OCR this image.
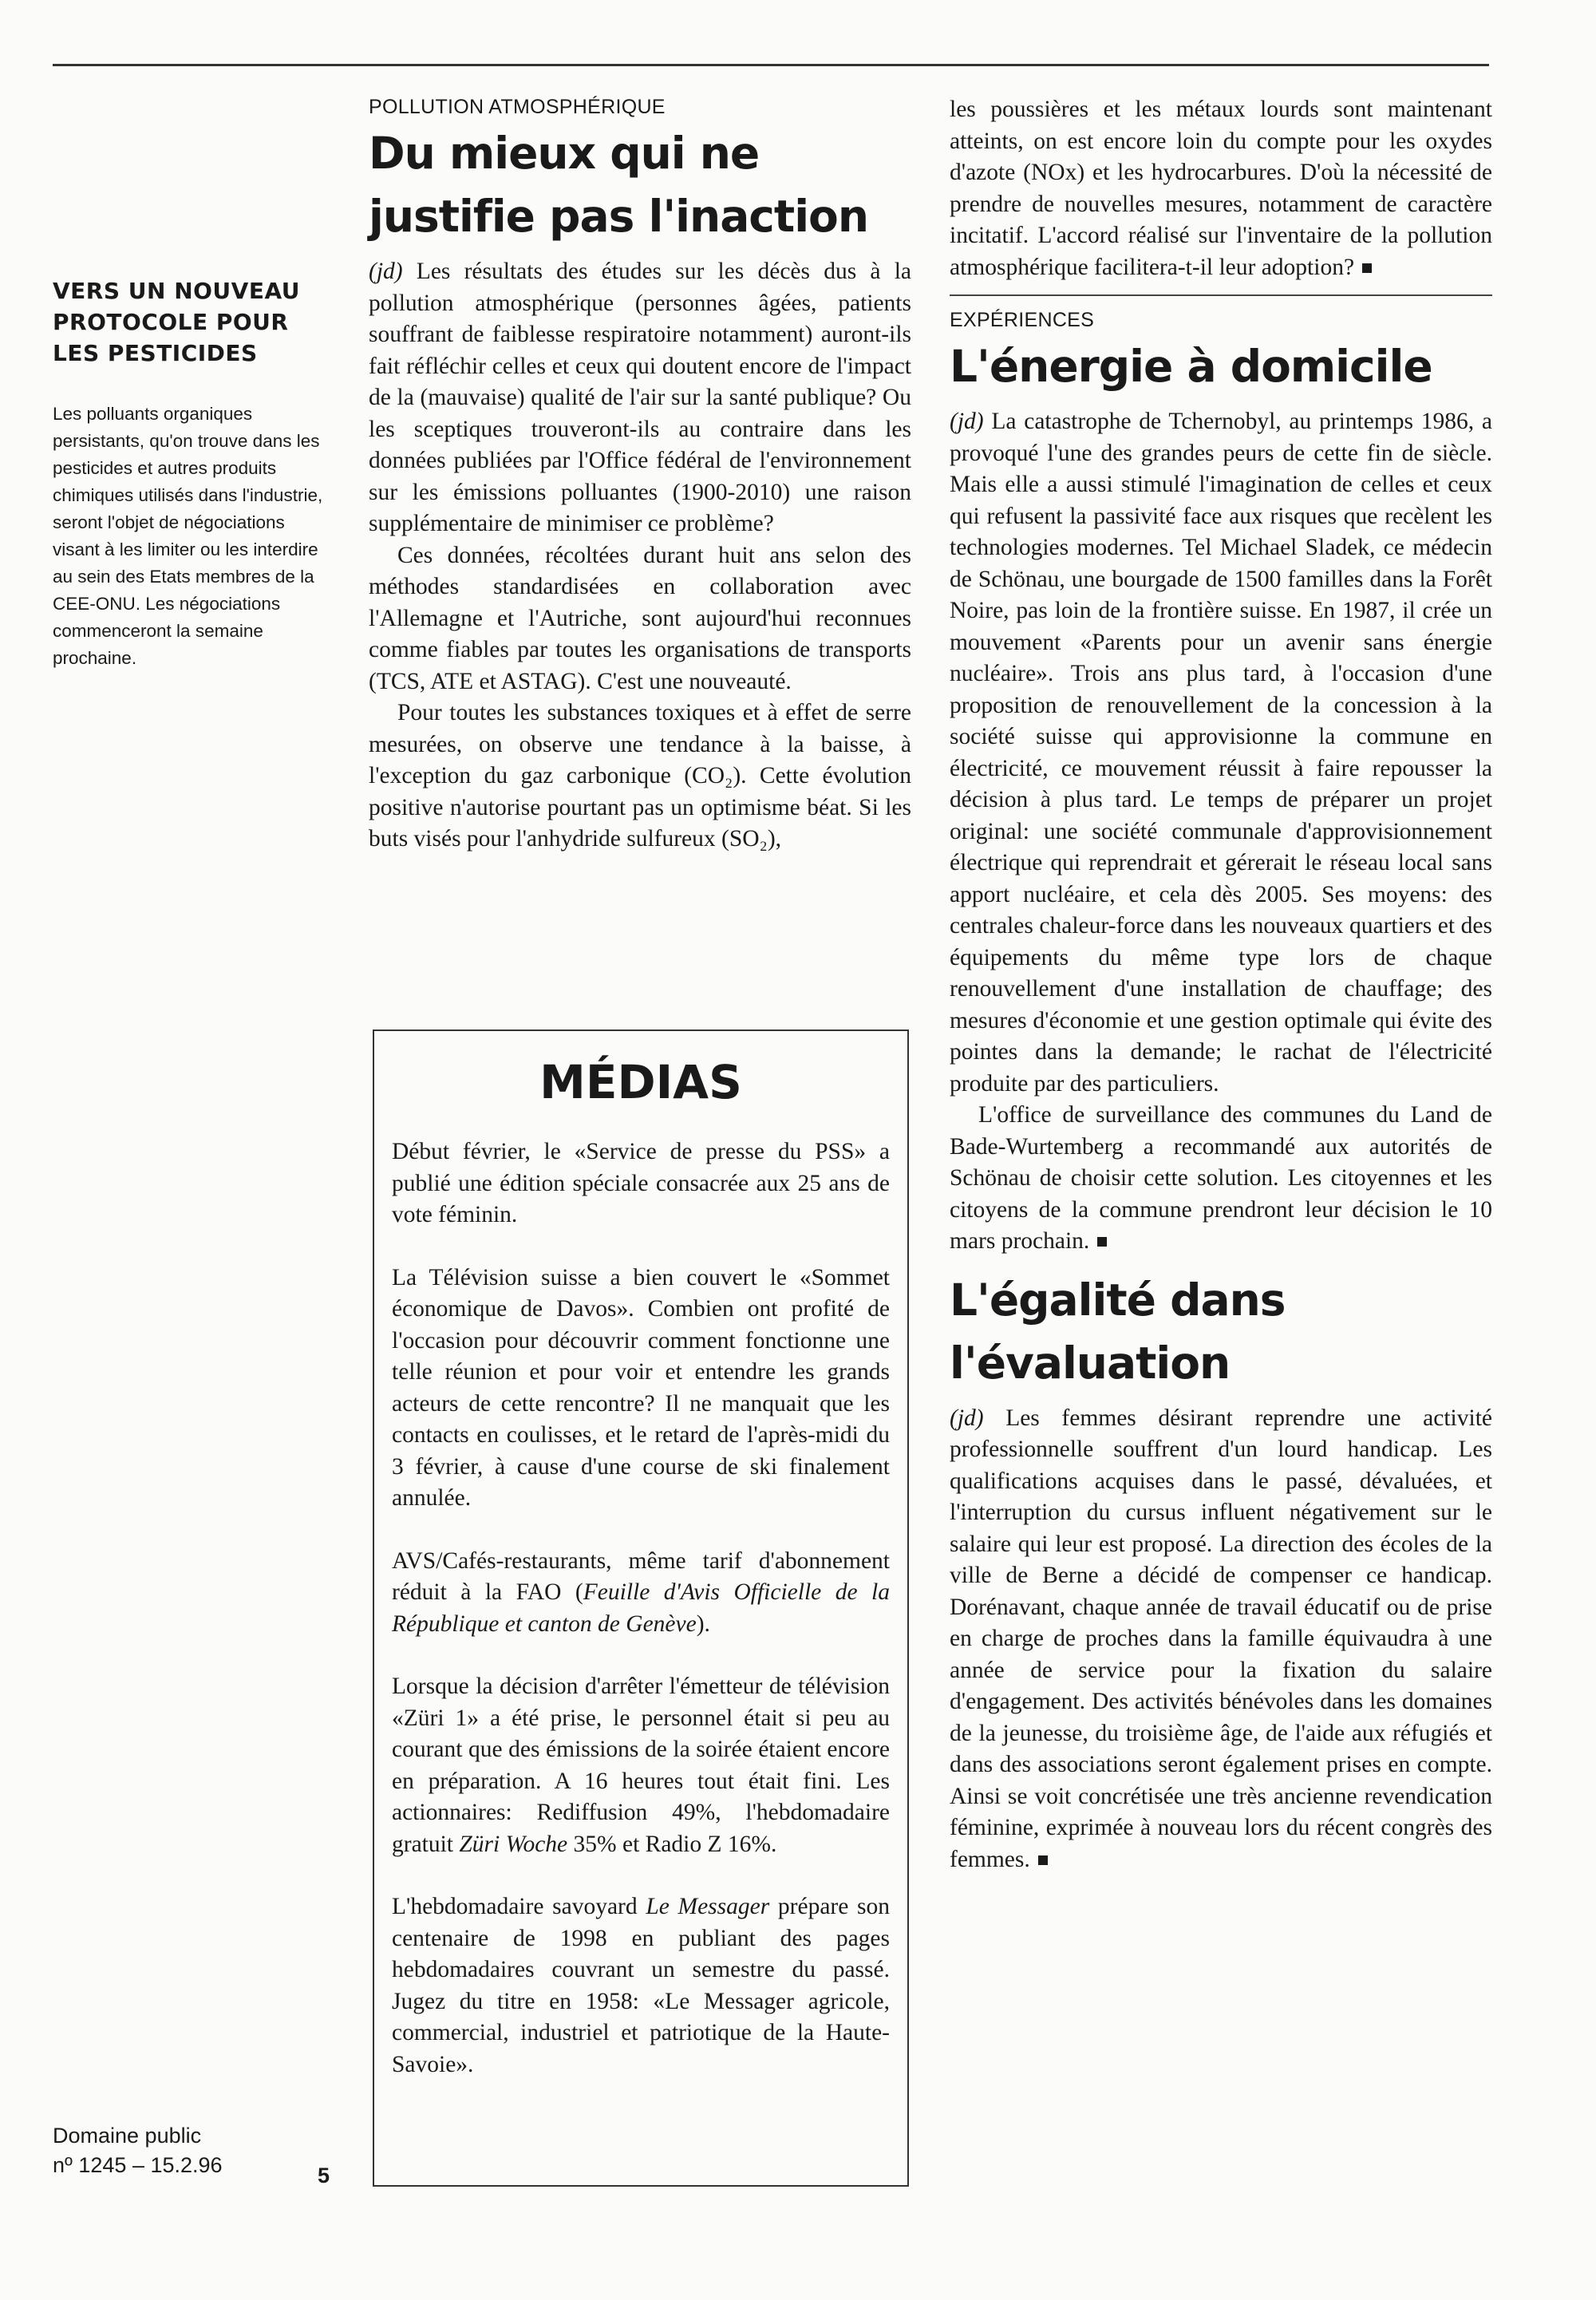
VERS UN NOUVEAU PROTOCOLE POUR LES PESTICIDES

Les polluants organiques persistants, qu'on trouve dans les pesticides et autres produits chimiques utilisés dans l'industrie, seront l'objet de négociations visant à les limiter ou les interdire au sein des Etats membres de la CEE-ONU. Les négociations commenceront la semaine prochaine.

Domaine public
nº 1245 – 15.2.96	5
POLLUTION ATMOSPHÉRIQUE
Du mieux qui ne justifie pas l'inaction

(jd) Les résultats des études sur les décès dus à la pollution atmosphérique (personnes âgées, patients souffrant de faiblesse respiratoire notamment) auront-ils fait réfléchir celles et ceux qui doutent encore de l'impact de la (mauvaise) qualité de l'air sur la santé publique? Ou les sceptiques trouveront-ils au contraire dans les données publiées par l'Office fédéral de l'environnement sur les émissions polluantes (1900-2010) une raison supplémentaire de minimiser ce problème?

Ces données, récoltées durant huit ans selon des méthodes standardisées en collaboration avec l'Allemagne et l'Autriche, sont aujourd'hui reconnues comme fiables par toutes les organisations de transports (TCS, ATE et ASTAG). C'est une nouveauté.

Pour toutes les substances toxiques et à effet de serre mesurées, on observe une tendance à la baisse, à l'exception du gaz carbonique (CO₂). Cette évolution positive n'autorise pourtant pas un optimisme béat. Si les buts visés pour l'anhydride sulfureux (SO₂),

MÉDIAS

Début février, le «Service de presse du PSS» a publié une édition spéciale consacrée aux 25 ans de vote féminin.

La Télévision suisse a bien couvert le «Sommet économique de Davos». Combien ont profité de l'occasion pour découvrir comment fonctionne une telle réunion et pour voir et entendre les grands acteurs de cette rencontre? Il ne manquait que les contacts en coulisses, et le retard de l'après-midi du 3 février, à cause d'une course de ski finalement annulée.

AVS/Cafés-restaurants, même tarif d'abonnement réduit à la FAO (Feuille d'Avis Officielle de la République et canton de Genève).

Lorsque la décision d'arrêter l'émetteur de télévision «Züri 1» a été prise, le personnel était si peu au courant que des émissions de la soirée étaient encore en préparation. A 16 heures tout était fini. Les actionnaires: Rediffusion 49%, l'hebdomadaire gratuit Züri Woche 35% et Radio Z 16%.

L'hebdomadaire savoyard Le Messager prépare son centenaire de 1998 en publiant des pages hebdomadaires couvrant un semestre du passé. Jugez du titre en 1958: «Le Messager agricole, commercial, industriel et patriotique de la Haute-Savoie».

les poussières et les métaux lourds sont maintenant atteints, on est encore loin du compte pour les oxydes d'azote (NOx) et les hydrocarbures. D'où la nécessité de prendre de nouvelles mesures, notamment de caractère incitatif. L'accord réalisé sur l'inventaire de la pollution atmosphérique facilitera-t-il leur adoption?

EXPÉRIENCES
L'énergie à domicile

(jd) La catastrophe de Tchernobyl, au printemps 1986, a provoqué l'une des grandes peurs de cette fin de siècle. Mais elle a aussi stimulé l'imagination de celles et ceux qui refusent la passivité face aux risques que recèlent les technologies modernes. Tel Michael Sladek, ce médecin de Schönau, une bourgade de 1500 familles dans la Forêt Noire, pas loin de la frontière suisse. En 1987, il crée un mouvement «Parents pour un avenir sans énergie nucléaire». Trois ans plus tard, à l'occasion d'une proposition de renouvellement de la concession à la société suisse qui approvisionne la commune en électricité, ce mouvement réussit à faire repousser la décision à plus tard. Le temps de préparer un projet original: une société communale d'approvisionnement électrique qui reprendrait et gérerait le réseau local sans apport nucléaire, et cela dès 2005. Ses moyens: des centrales chaleur-force dans les nouveaux quartiers et des équipements du même type lors de chaque renouvellement d'une installation de chauffage; des mesures d'économie et une gestion optimale qui évite des pointes dans la demande; le rachat de l'électricité produite par des particuliers.

L'office de surveillance des communes du Land de Bade-Wurtemberg a recommandé aux autorités de Schönau de choisir cette solution. Les citoyennes et les citoyens de la commune prendront leur décision le 10 mars prochain.

L'égalité dans l'évaluation

(jd) Les femmes désirant reprendre une activité professionnelle souffrent d'un lourd handicap. Les qualifications acquises dans le passé, dévaluées, et l'interruption du cursus influent négativement sur le salaire qui leur est proposé. La direction des écoles de la ville de Berne a décidé de compenser ce handicap. Dorénavant, chaque année de travail éducatif ou de prise en charge de proches dans la famille équivaudra à une année de service pour la fixation du salaire d'engagement. Des activités bénévoles dans les domaines de la jeunesse, du troisième âge, de l'aide aux réfugiés et dans des associations seront également prises en compte. Ainsi se voit concrétisée une très ancienne revendication féminine, exprimée à nouveau lors du récent congrès des femmes.
